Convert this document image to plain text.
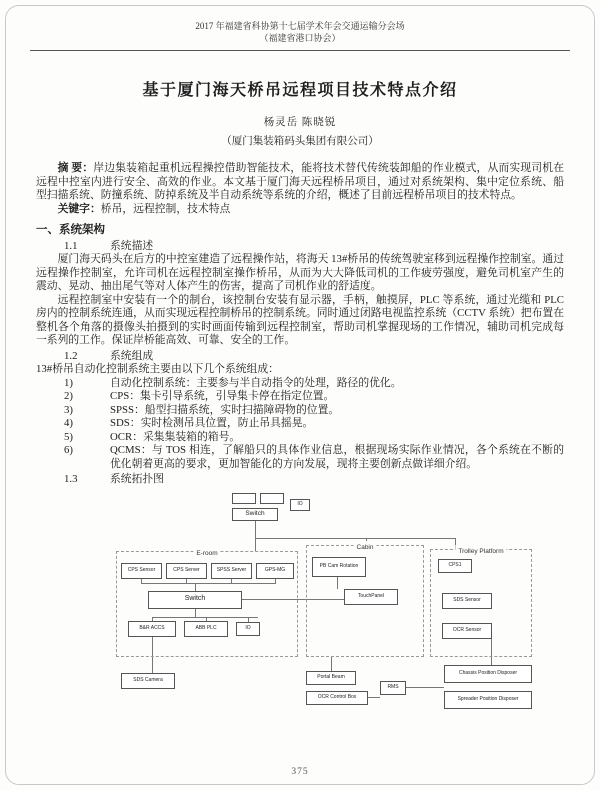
2017 年福建省科协第十七届学术年会交通运输分会场
（福建省港口协会）
基于厦门海天桥吊远程项目技术特点介绍
杨灵岳 陈晓锐
（厦门集装箱码头集团有限公司）

摘 要：岸边集装箱起重机远程操控借助智能技术，能将技术替代传统装卸船的作业模式，从而实现司机在远程中控室内进行安全、高效的作业。本文基于厦门海天远程桥吊项目，通过对系统架构、集中定位系统、船型扫描系统、防撞系统、防掉系统及半自动系统等系统的介绍，概述了目前远程桥吊项目的技术特点。

关键字：桥吊，远程控制，技术特点

一、系统架构
1.1	系统描述

厦门海天码头在后方的中控室建造了远程操作站，将海天 13#桥吊的传统驾驶室移到远程操作控制室。通过远程操作控制室，允许司机在远程控制室操作桥吊，从而为大大降低司机的工作疲劳强度，避免司机室产生的震动、晃动、抽出尾气等对人体产生的伤害，提高了司机作业的舒适度。

远程控制室中安装有一个的制台，该控制台安装有显示器，手柄，触摸屏，PLC 等系统，通过光缆和 PLC 房内的控制系统连通，从而实现远程控制桥吊的控制系统。同时通过闭路电视监控系统（CCTV 系统）把布置在整机各个角落的摄像头拍摄到的实时画面传输到远程控制室，帮助司机掌握现场的工作情况，辅助司机完成每一系列的工作。保证岸桥能高效、可靠、安全的工作。

1.2	系统组成

13#桥吊自动化控制系统主要由以下几个系统组成：

1)	自动化控制系统：主要参与半自动指令的处理，路径的优化。
2)	CPS：集卡引导系统，引导集卡停在指定位置。
3)	SPSS：船型扫描系统，实时扫描障碍物的位置。
4)	SDS：实时检测吊具位置，防止吊具摇晃。
5)	OCR：采集集装箱的箱号。
6)	QCMS：与 TOS 相连，了解船只的具体作业信息，根据现场实际作业情况，各个系统在不断的优化朝着更高的要求，更加智能化的方向发展，现将主要创新点做详细介绍。
1.3	系统拓扑图
E-room
Cabin
Trolley Platform
Switch
IO
CPS Sensor	CPS Server	SPSS Server	GPS-MG
Switch
B&R ACCS	ABB PLC	IO
PB Cam Rotation
TouchPanel
CPS1
SDS Sensor
OCR Sensor
SDS Camera	Portal Beam
OCR Control Box
RMS
Chassis Position Disposer
Spreader Position Disposer
375
